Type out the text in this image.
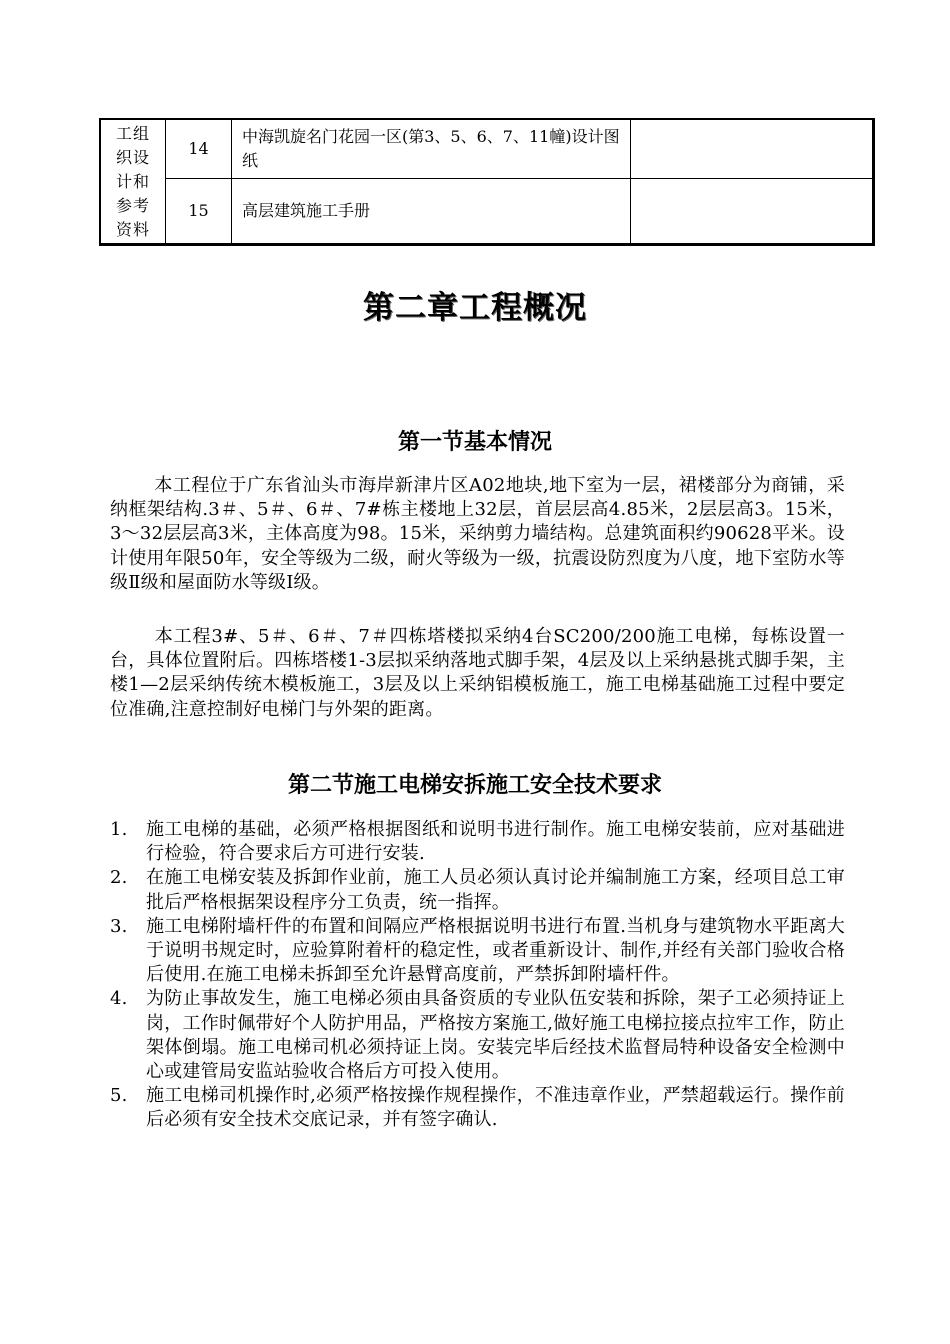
工组
织设
计和
参考
资料	14	中海凯旋名门花园一区(第3、5、6、7、11幢)设计图纸	
	15	高层建筑施工手册	
第二章工程概况
第一节基本情况
本工程位于广东省汕头市海岸新津片区A02地块,地下室为一层，裙楼部分为商铺，采纳框架结构.3＃、5＃、6＃、7#栋主楼地上32层，首层层高4.85米，2层层高3。15米，3～32层层高3米，主体高度为98。15米，采纳剪力墙结构。总建筑面积约90628平米。设计使用年限50年，安全等级为二级，耐火等级为一级，抗震设防烈度为八度，地下室防水等级Ⅱ级和屋面防水等级Ⅰ级。
本工程3#、5＃、6＃、7＃四栋塔楼拟采纳4台SC200/200施工电梯，每栋设置一台，具体位置附后。四栋塔楼1-3层拟采纳落地式脚手架，4层及以上采纳悬挑式脚手架，主楼1—2层采纳传统木模板施工，3层及以上采纳铝模板施工，施工电梯基础施工过程中要定位准确,注意控制好电梯门与外架的距离。
第二节施工电梯安拆施工安全技术要求
1. 施工电梯的基础，必须严格根据图纸和说明书进行制作。施工电梯安装前，应对基础进行检验，符合要求后方可进行安装.
2. 在施工电梯安装及拆卸作业前，施工人员必须认真讨论并编制施工方案，经项目总工审批后严格根据架设程序分工负责，统一指挥。
3. 施工电梯附墙杆件的布置和间隔应严格根据说明书进行布置.当机身与建筑物水平距离大于说明书规定时，应验算附着杆的稳定性，或者重新设计、制作,并经有关部门验收合格后使用.在施工电梯未拆卸至允许悬臂高度前，严禁拆卸附墙杆件。
4. 为防止事故发生，施工电梯必须由具备资质的专业队伍安装和拆除，架子工必须持证上岗，工作时佩带好个人防护用品，严格按方案施工,做好施工电梯拉接点拉牢工作，防止架体倒塌。施工电梯司机必须持证上岗。安装完毕后经技术监督局特种设备安全检测中心或建管局安监站验收合格后方可投入使用。
5. 施工电梯司机操作时,必须严格按操作规程操作，不准违章作业，严禁超载运行。操作前后必须有安全技术交底记录，并有签字确认.
